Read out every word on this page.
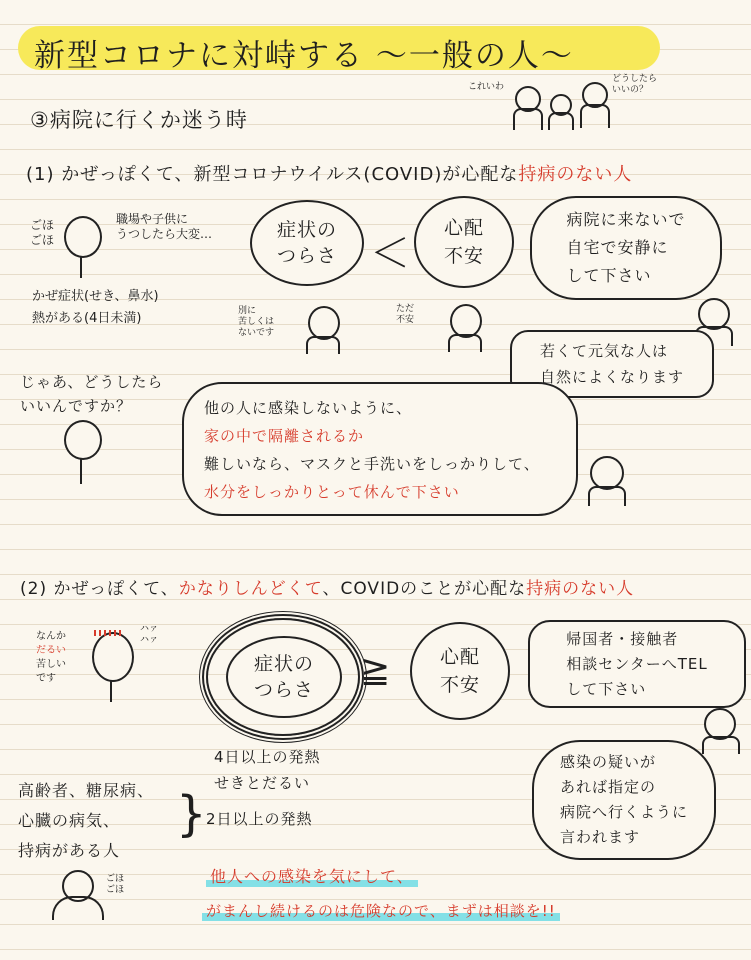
新型コロナに対峙する 〜一般の人〜
これいわ
どうしたら
いいの？
③病院に行くか迷う時
(1) かぜっぽくて、新型コロナウイルス(COVID)が心配な持病のない人
ごほ
ごほ
職場や子供に
うつしたら大変…
かぜ症状(せき、鼻水)
熱がある(4日未満)
症状の
つらさ ＜
心配
不安
別に
苦しくは
ないです
ただ
不安
病院に来ないで
自宅で安静に
して下さい
若くて元気な人は
自然によくなります
じゃあ、どうしたら
いいんですか？	他の人に感染しないように、
家の中で隔離されるか
難しいなら、マスクと手洗いをしっかりして、
水分をしっかりとって休んで下さい
(2) かぜっぽくて、かなりしんどくて、COVIDのことが心配な持病のない人
なんか
だるい
苦しい
です
ハァ
ハァ
症状の
つらさ ≧	心配
不安
帰国者・接触者
相談センターへTEL
して下さい
感染の疑いが
あれば指定の
病院へ行くように
言われます
高齢者、糖尿病、
心臓の病気、
持病がある人
}
4日以上の発熱
せきとだるい
2日以上の発熱
ごほ
ごほ
他人への感染を気にして、
がまんし続けるのは危険なので、まずは相談を!!
